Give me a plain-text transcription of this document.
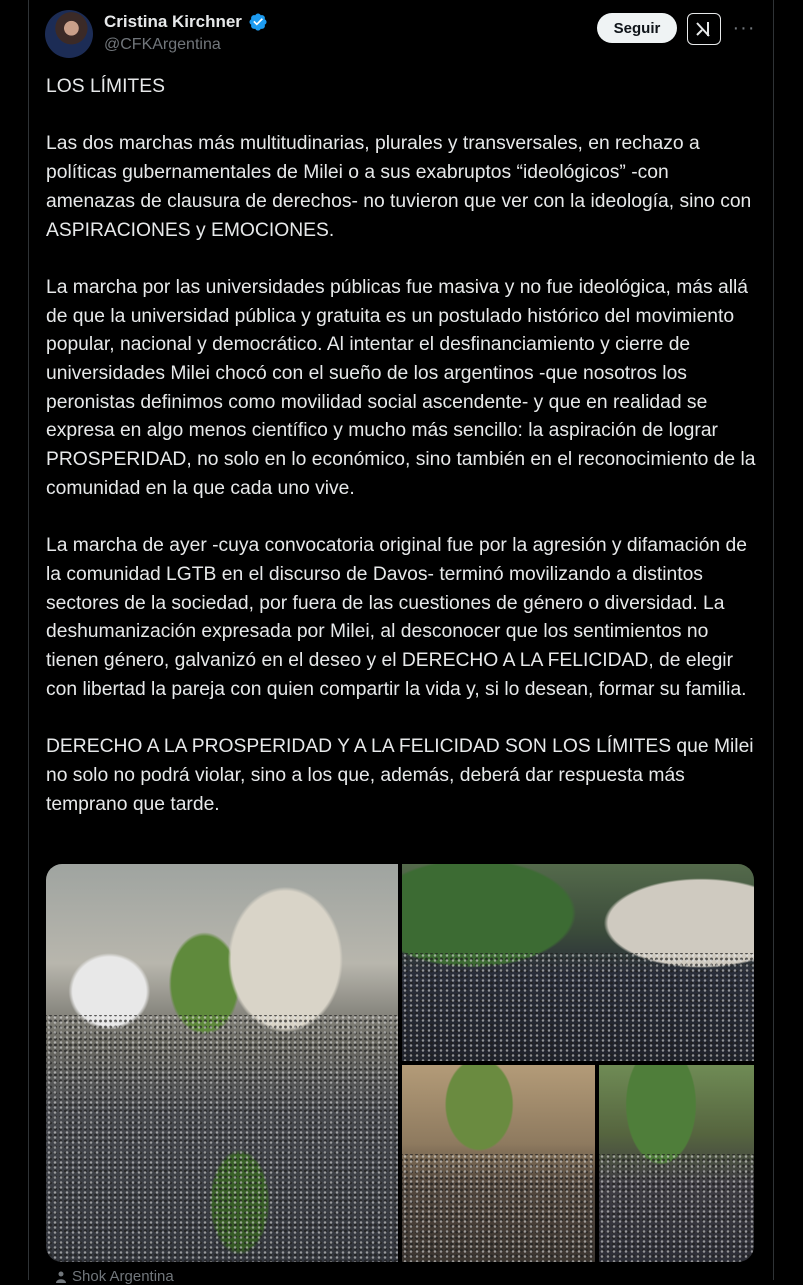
Cristina Kirchner
@CFKArgentina
Seguir	···

LOS LÍMITES

Las dos marchas más multitudinarias, plurales y transversales, en rechazo a políticas gubernamentales de Milei o a sus exabruptos “ideológicos” -con amenazas de clausura de derechos- no tuvieron que ver con la ideología, sino con ASPIRACIONES y EMOCIONES.

La marcha por las universidades públicas fue masiva y no fue ideológica, más allá de que la universidad pública y gratuita es un postulado histórico del movimiento popular, nacional y democrático. Al intentar el desfinanciamiento y cierre de universidades Milei chocó con el sueño de los argentinos -que nosotros los peronistas definimos como movilidad social ascendente- y que en realidad se expresa en algo menos científico y mucho más sencillo: la aspiración de lograr PROSPERIDAD, no solo en lo económico, sino también en el reconocimiento de la comunidad en la que cada uno vive.

La marcha de ayer -cuya convocatoria original fue por la agresión y difamación de la comunidad LGTB en el discurso de Davos- terminó movilizando a distintos sectores de la sociedad, por fuera de las cuestiones de género o diversidad. La deshumanización expresada por Milei, al desconocer que los sentimientos no tienen género, galvanizó en el deseo y el DERECHO A LA FELICIDAD, de elegir con libertad la pareja con quien compartir la vida y, si lo desean, formar su familia.

DERECHO A LA PROSPERIDAD Y A LA FELICIDAD SON LOS LÍMITES que Milei no solo no podrá violar, sino a los que, además, deberá dar respuesta más temprano que tarde.

Shok Argentina
